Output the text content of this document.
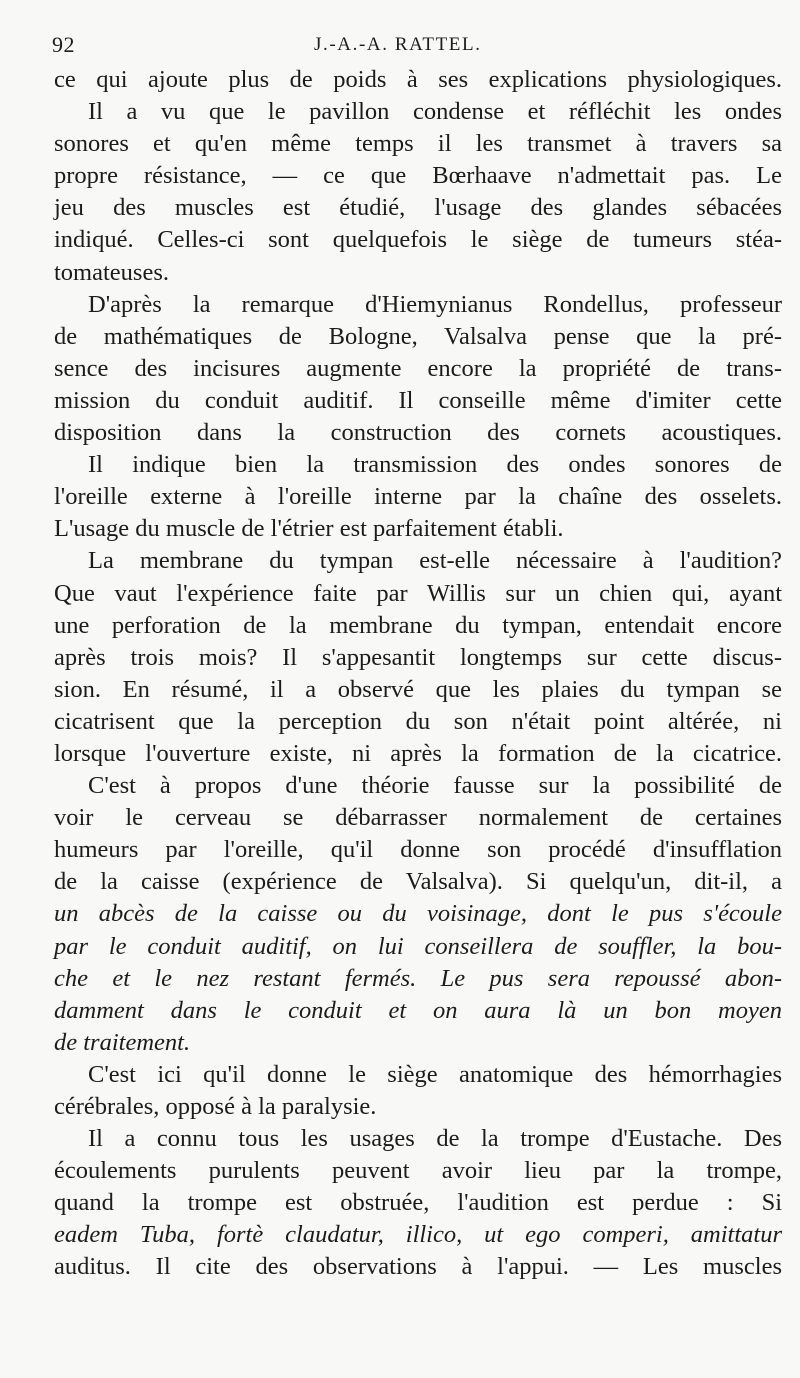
92	J.-A.-A. RATTEL.
ce qui ajoute plus de poids à ses explications physiologiques.
Il a vu que le pavillon condense et réfléchit les ondes
sonores et qu'en même temps il les transmet à travers sa
propre résistance, — ce que Bœrhaave n'admettait pas. Le
jeu des muscles est étudié, l'usage des glandes sébacées
indiqué. Celles-ci sont quelquefois le siège de tumeurs stéa-
tomateuses.
D'après la remarque d'Hiemynianus Rondellus, professeur
de mathématiques de Bologne, Valsalva pense que la pré-
sence des incisures augmente encore la propriété de trans-
mission du conduit auditif. Il conseille même d'imiter cette
disposition dans la construction des cornets acoustiques.
Il indique bien la transmission des ondes sonores de
l'oreille externe à l'oreille interne par la chaîne des osselets.
L'usage du muscle de l'étrier est parfaitement établi.
La membrane du tympan est-elle nécessaire à l'audition?
Que vaut l'expérience faite par Willis sur un chien qui, ayant
une perforation de la membrane du tympan, entendait encore
après trois mois? Il s'appesantit longtemps sur cette discus-
sion. En résumé, il a observé que les plaies du tympan se
cicatrisent que la perception du son n'était point altérée, ni
lorsque l'ouverture existe, ni après la formation de la cicatrice.
C'est à propos d'une théorie fausse sur la possibilité de
voir le cerveau se débarrasser normalement de certaines
humeurs par l'oreille, qu'il donne son procédé d'insufflation
de la caisse (expérience de Valsalva). Si quelqu'un, dit-il, a
un abcès de la caisse ou du voisinage, dont le pus s'écoule
par le conduit auditif, on lui conseillera de souffler, la bou-
che et le nez restant fermés. Le pus sera repoussé abon-
damment dans le conduit et on aura là un bon moyen
de traitement.
C'est ici qu'il donne le siège anatomique des hémorrhagies
cérébrales, opposé à la paralysie.
Il a connu tous les usages de la trompe d'Eustache. Des
écoulements purulents peuvent avoir lieu par la trompe,
quand la trompe est obstruée, l'audition est perdue : Si
eadem Tuba, fortè claudatur, illico, ut ego comperi, amittatur
auditus. Il cite des observations à l'appui. — Les muscles
